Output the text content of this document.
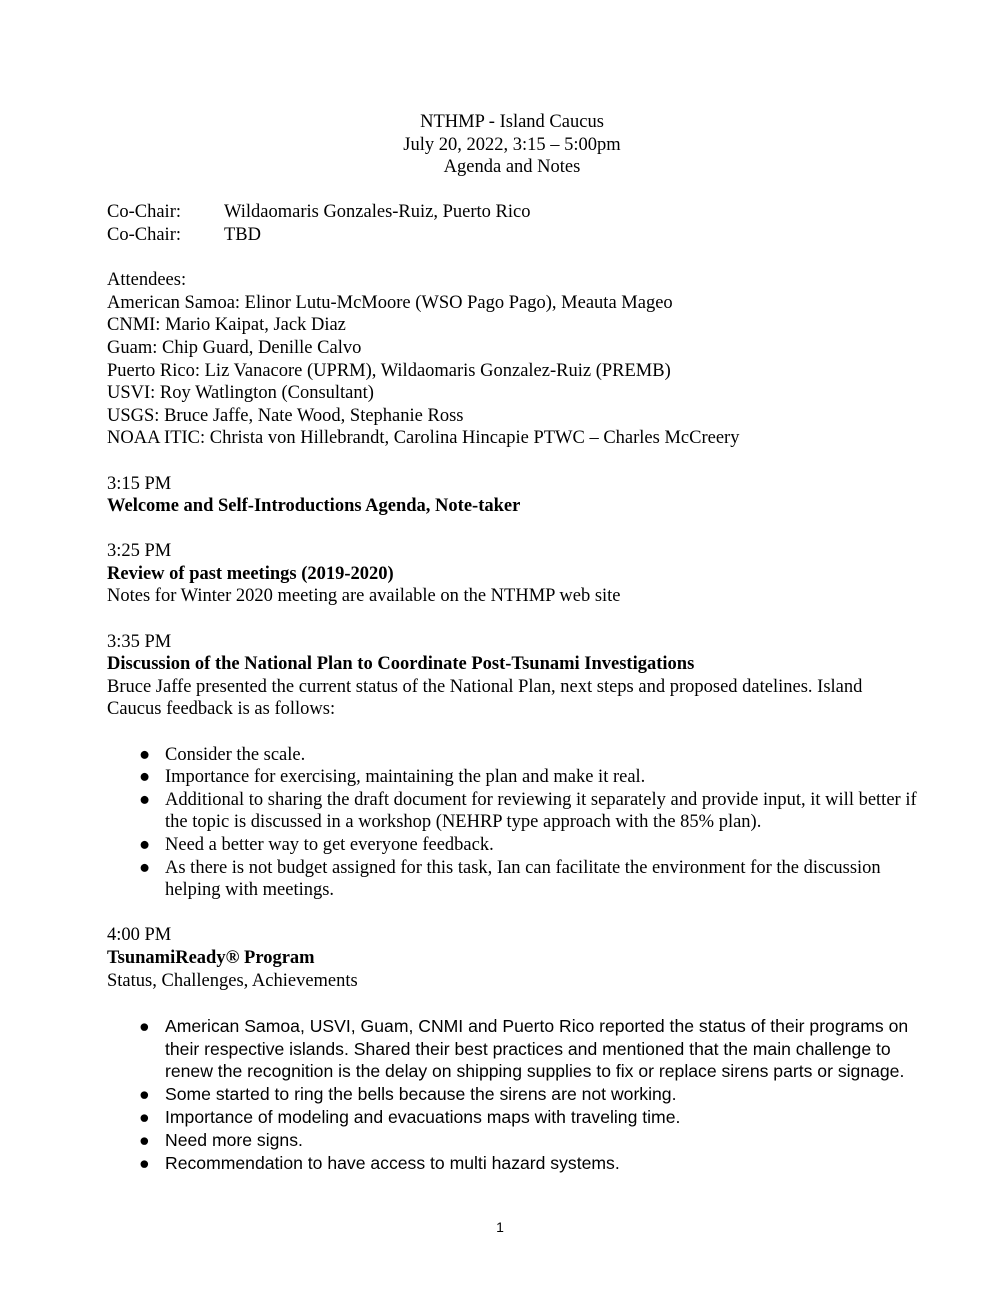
NTHMP - Island Caucus
July 20, 2022, 3:15 – 5:00pm
Agenda and Notes
Co-Chair:	Wildaomaris Gonzales-Ruiz, Puerto Rico
Co-Chair:	TBD
Attendees:
American Samoa: Elinor Lutu-McMoore (WSO Pago Pago), Meauta Mageo
CNMI: Mario Kaipat, Jack Diaz
Guam: Chip Guard, Denille Calvo
Puerto Rico: Liz Vanacore (UPRM), Wildaomaris Gonzalez-Ruiz (PREMB)
USVI: Roy Watlington (Consultant)
USGS: Bruce Jaffe, Nate Wood, Stephanie Ross
NOAA ITIC: Christa von Hillebrandt, Carolina Hincapie PTWC – Charles McCreery
3:15 PM
Welcome and Self-Introductions Agenda, Note-taker
3:25 PM
Review of past meetings (2019-2020)
Notes for Winter 2020 meeting are available on the NTHMP web site
3:35 PM
Discussion of the National Plan to Coordinate Post-Tsunami Investigations
Bruce Jaffe presented the current status of the National Plan, next steps and proposed datelines. Island Caucus feedback is as follows:
● Consider the scale.
● Importance for exercising, maintaining the plan and make it real.
● Additional to sharing the draft document for reviewing it separately and provide input, it will better if the topic is discussed in a workshop (NEHRP type approach with the 85% plan).
● Need a better way to get everyone feedback.
● As there is not budget assigned for this task, Ian can facilitate the environment for the discussion helping with meetings.
4:00 PM
TsunamiReady® Program
Status, Challenges, Achievements
● American Samoa, USVI, Guam, CNMI and Puerto Rico reported the status of their programs on their respective islands. Shared their best practices and mentioned that the main challenge to renew the recognition is the delay on shipping supplies to fix or replace sirens parts or signage.
● Some started to ring the bells because the sirens are not working.
● Importance of modeling and evacuations maps with traveling time.
● Need more signs.
● Recommendation to have access to multi hazard systems.
1
